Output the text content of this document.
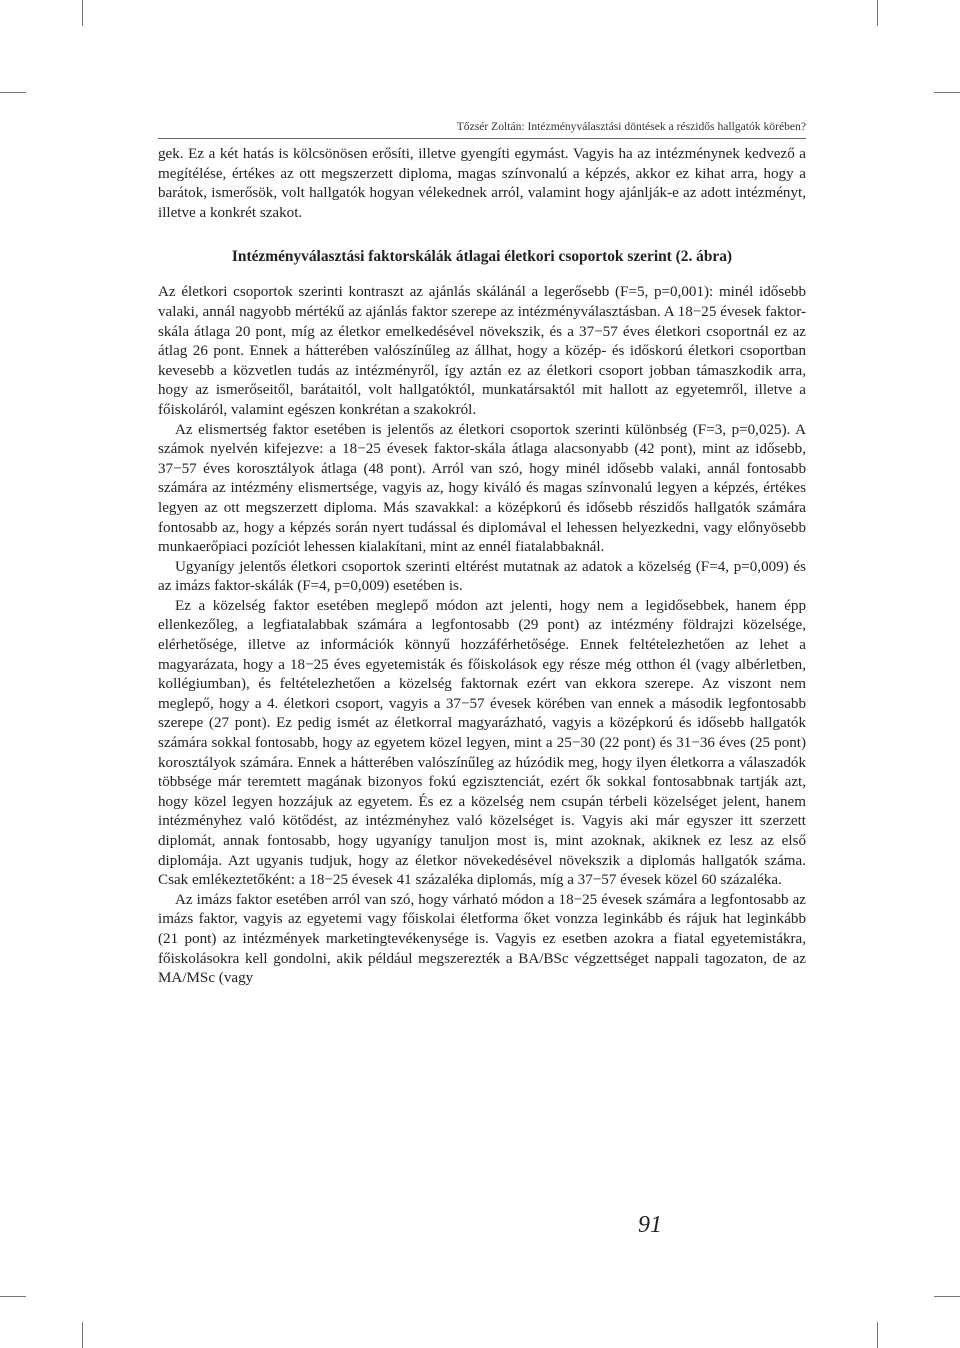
Tőzsér Zoltán: Intézményválasztási döntések a részidős hallgatók körében?

gek. Ez a két hatás is kölcsönösen erősíti, illetve gyengíti egymást. Vagyis ha az intézménynek kedvező a megítélése, értékes az ott megszerzett diploma, magas színvonalú a képzés, akkor ez kihat arra, hogy a barátok, ismerősök, volt hallgatók hogyan vélekednek arról, valamint hogy ajánlják-e az adott intézményt, illetve a konkrét szakot.

Intézményválasztási faktorskálák átlagai életkori csoportok szerint (2. ábra)

Az életkori csoportok szerinti kontraszt az ajánlás skálánál a legerősebb (F=5, p=0,001): minél idősebb valaki, annál nagyobb mértékű az ajánlás faktor szerepe az intézményválasztásban. A 18−25 évesek faktor-skála átlaga 20 pont, míg az életkor emelkedésével növekszik, és a 37−57 éves életkori csoportnál ez az átlag 26 pont. Ennek a hátterében valószínűleg az állhat, hogy a közép- és időskorú életkori csoportban kevesebb a közvetlen tudás az intézményről, így aztán ez az életkori csoport jobban támaszkodik arra, hogy az ismerőseitől, barátaitól, volt hallgatóktól, munkatársaktól mit hallott az egyetemről, illetve a főiskoláról, valamint egészen konkrétan a szakokról.

Az elismertség faktor esetében is jelentős az életkori csoportok szerinti különbség (F=3, p=0,025). A számok nyelvén kifejezve: a 18−25 évesek faktor-skála átlaga alacsonyabb (42 pont), mint az idősebb, 37−57 éves korosztályok átlaga (48 pont). Arról van szó, hogy minél idősebb valaki, annál fontosabb számára az intézmény elismertsége, vagyis az, hogy kiváló és magas színvonalú legyen a képzés, értékes legyen az ott megszerzett diploma. Más szavakkal: a középkorú és idősebb részidős hallgatók számára fontosabb az, hogy a képzés során nyert tudással és diplomával el lehessen helyezkedni, vagy előnyösebb munkaerőpiaci pozíciót lehessen kialakítani, mint az ennél fiatalabbaknál.

Ugyanígy jelentős életkori csoportok szerinti eltérést mutatnak az adatok a közelség (F=4, p=0,009) és az imázs faktor-skálák (F=4, p=0,009) esetében is.

Ez a közelség faktor esetében meglepő módon azt jelenti, hogy nem a legidősebbek, hanem épp ellenkezőleg, a legfiatalabbak számára a legfontosabb (29 pont) az intézmény földrajzi közelsége, elérhetősége, illetve az információk könnyű hozzáférhetősége. Ennek feltételezhetően az lehet a magyarázata, hogy a 18−25 éves egyetemisták és főiskolások egy része még otthon él (vagy albérletben, kollégiumban), és feltételezhetően a közelség faktornak ezért van ekkora szerepe. Az viszont nem meglepő, hogy a 4. életkori csoport, vagyis a 37−57 évesek körében van ennek a második legfontosabb szerepe (27 pont). Ez pedig ismét az életkorral magyarázható, vagyis a középkorú és idősebb hallgatók számára sokkal fontosabb, hogy az egyetem közel legyen, mint a 25−30 (22 pont) és 31−36 éves (25 pont) korosztályok számára. Ennek a hátterében valószínűleg az húzódik meg, hogy ilyen életkorra a válaszadók többsége már teremtett magának bizonyos fokú egzisztenciát, ezért ők sokkal fontosabbnak tartják azt, hogy közel legyen hozzájuk az egyetem. És ez a közelség nem csupán térbeli közelséget jelent, hanem intézményhez való kötődést, az intézményhez való közelséget is. Vagyis aki már egyszer itt szerzett diplomát, annak fontosabb, hogy ugyanígy tanuljon most is, mint azoknak, akiknek ez lesz az első diplomája. Azt ugyanis tudjuk, hogy az életkor növekedésével növekszik a diplomás hallgatók száma. Csak emlékeztetőként: a 18−25 évesek 41 százaléka diplomás, míg a 37−57 évesek közel 60 százaléka.

Az imázs faktor esetében arról van szó, hogy várható módon a 18−25 évesek számára a legfontosabb az imázs faktor, vagyis az egyetemi vagy főiskolai életforma őket vonzza leginkább és rájuk hat leginkább (21 pont) az intézmények marketingtevékenysége is. Vagyis ez esetben azokra a fiatal egyetemistákra, főiskolásokra kell gondolni, akik például megszerezték a BA/BSc végzettséget nappali tagozaton, de az MA/MSc (vagy

91
